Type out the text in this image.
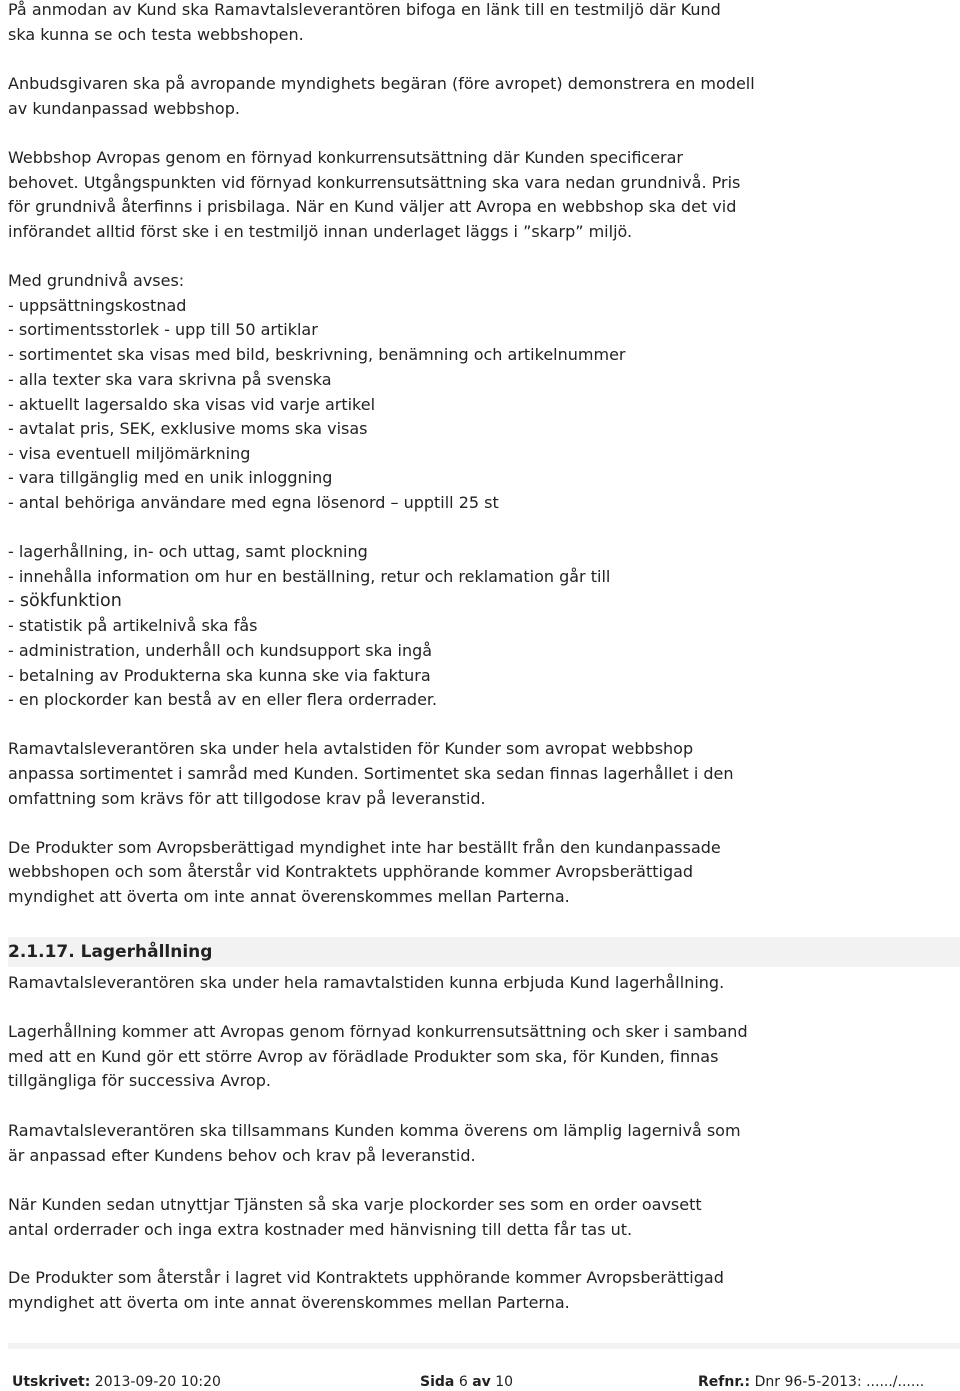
På anmodan av Kund ska Ramavtalsleverantören bifoga en länk till en testmiljö där Kund
ska kunna se och testa webbshopen.
Anbudsgivaren ska på avropande myndighets begäran (före avropet) demonstrera en modell
av kundanpassad webbshop.
Webbshop Avropas genom en förnyad konkurrensutsättning där Kunden specificerar
behovet. Utgångspunkten vid förnyad konkurrensutsättning ska vara nedan grundnivå. Pris
för grundnivå återfinns i prisbilaga. När en Kund väljer att Avropa en webbshop ska det vid
införandet alltid först ske i en testmiljö innan underlaget läggs i ”skarp” miljö.
Med grundnivå avses:
- uppsättningskostnad
- sortimentsstorlek - upp till 50 artiklar
- sortimentet ska visas med bild, beskrivning, benämning och artikelnummer
- alla texter ska vara skrivna på svenska
- aktuellt lagersaldo ska visas vid varje artikel
- avtalat pris, SEK, exklusive moms ska visas
- visa eventuell miljömärkning
- vara tillgänglig med en unik inloggning
- antal behöriga användare med egna lösenord – upptill 25 st
- lagerhållning, in- och uttag, samt plockning
- innehålla information om hur en beställning, retur och reklamation går till
- sökfunktion
- statistik på artikelnivå ska fås
- administration, underhåll och kundsupport ska ingå
- betalning av Produkterna ska kunna ske via faktura
- en plockorder kan bestå av en eller flera orderrader.
Ramavtalsleverantören ska under hela avtalstiden för Kunder som avropat webbshop
anpassa sortimentet i samråd med Kunden. Sortimentet ska sedan finnas lagerhållet i den
omfattning som krävs för att tillgodose krav på leveranstid.
De Produkter som Avropsberättigad myndighet inte har beställt från den kundanpassade
webbshopen och som återstår vid Kontraktets upphörande kommer Avropsberättigad
myndighet att överta om inte annat överenskommes mellan Parterna.
2.1.17. Lagerhållning
Ramavtalsleverantören ska under hela ramavtalstiden kunna erbjuda Kund lagerhållning.
Lagerhållning kommer att Avropas genom förnyad konkurrensutsättning och sker i samband
med att en Kund gör ett större Avrop av förädlade Produkter som ska, för Kunden, finnas
tillgängliga för successiva Avrop.
Ramavtalsleverantören ska tillsammans Kunden komma överens om lämplig lagernivå som
är anpassad efter Kundens behov och krav på leveranstid.
När Kunden sedan utnyttjar Tjänsten så ska varje plockorder ses som en order oavsett
antal orderrader och inga extra kostnader med hänvisning till detta får tas ut.
De Produkter som återstår i lagret vid Kontraktets upphörande kommer Avropsberättigad
myndighet att överta om inte annat överenskommes mellan Parterna.
Utskrivet: 2013-09-20 10:20	Sida 6 av 10	Refnr.: Dnr 96-5-2013: ....../......
